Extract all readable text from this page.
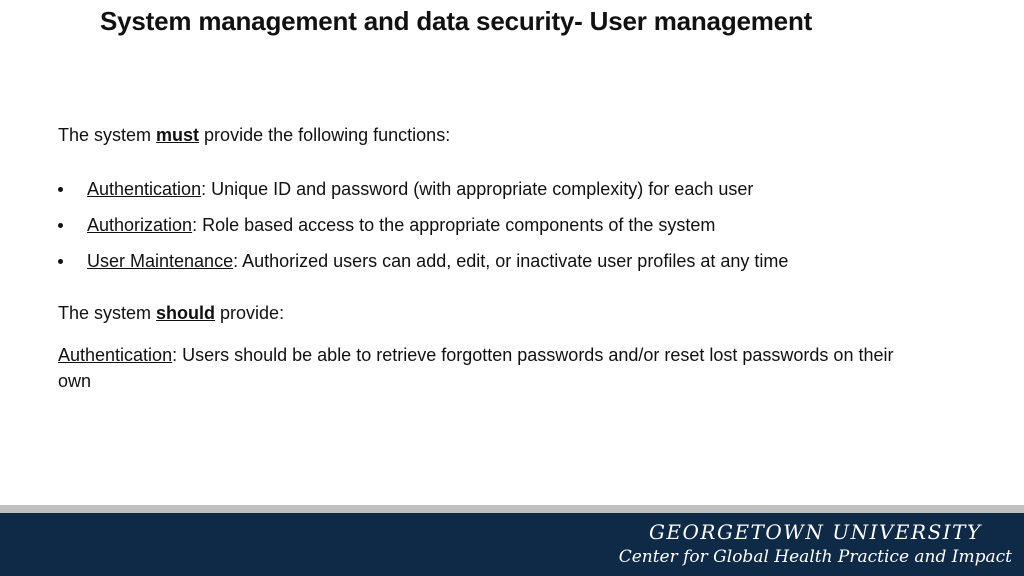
System management and data security- User management
The system must provide the following functions:
Authentication: Unique ID and password (with appropriate complexity) for each user
Authorization: Role based access to the appropriate components of the system
User Maintenance: Authorized users can add, edit, or inactivate user profiles at any time
The system should provide:
Authentication: Users should be able to retrieve forgotten passwords and/or reset lost passwords on their own
GEORGETOWN UNIVERSITY
Center for Global Health Practice and Impact
